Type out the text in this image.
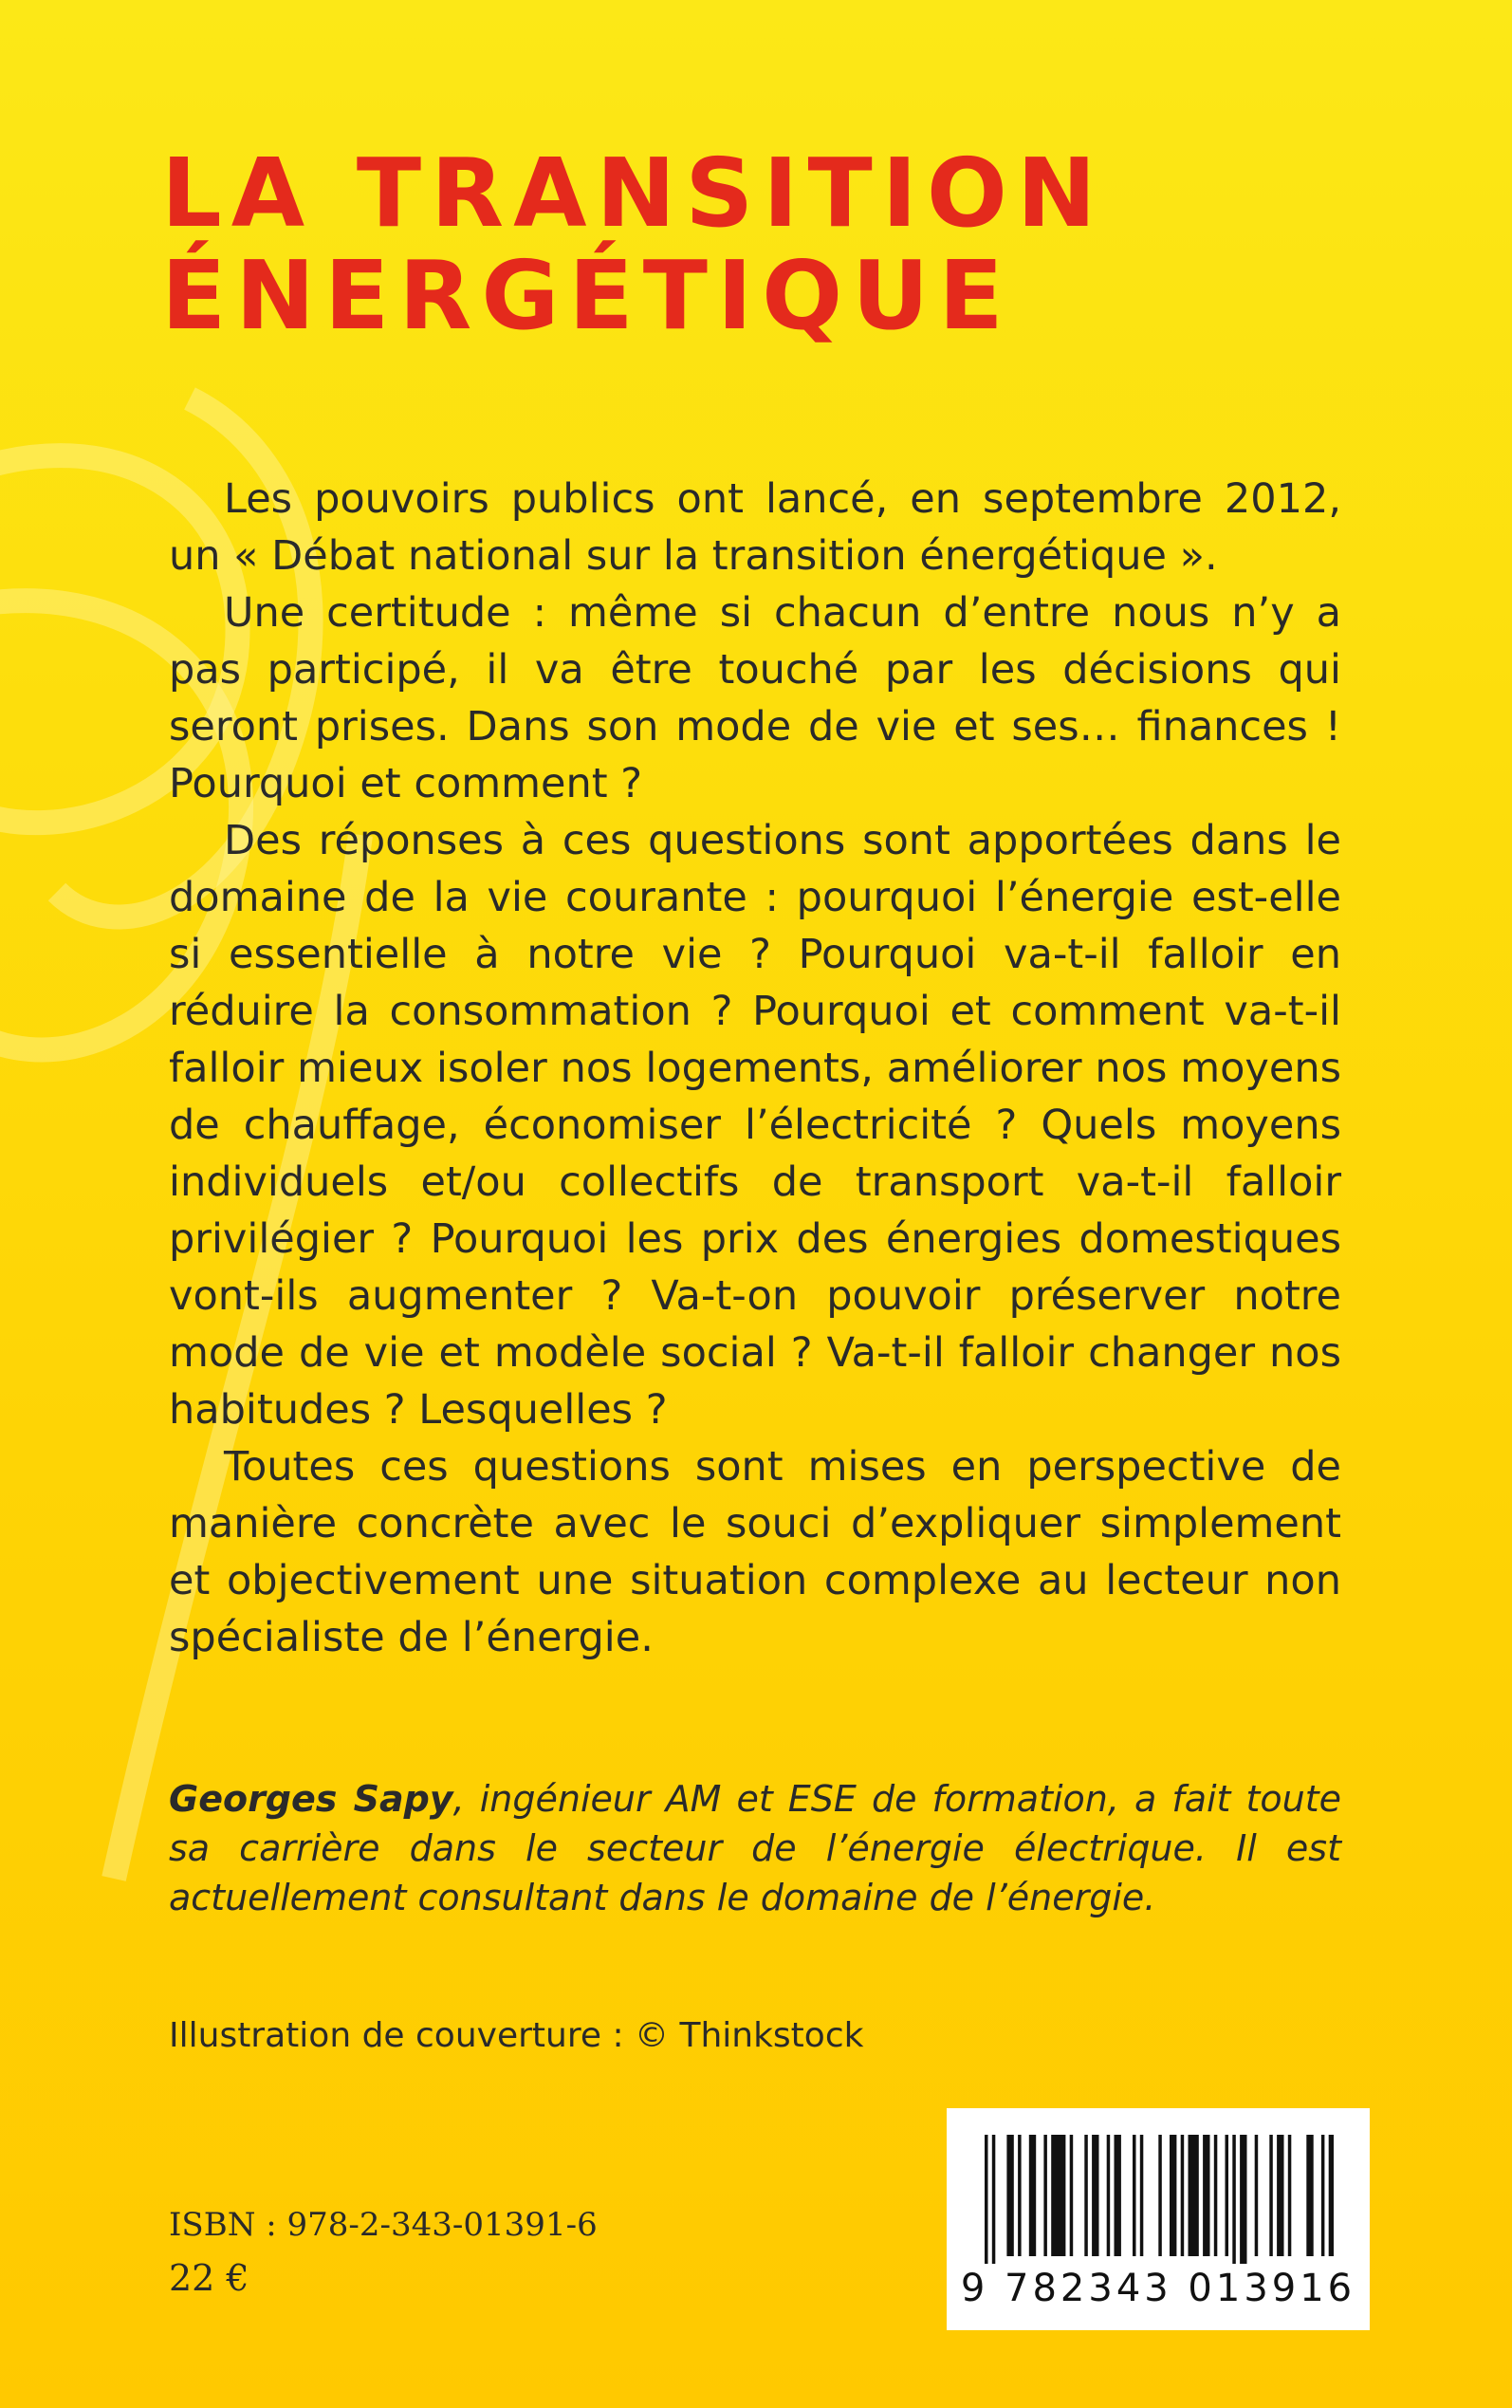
LA TRANSITION
ÉNERGÉTIQUE

Les pouvoirs publics ont lancé, en septembre 2012, un « Débat national sur la transition énergétique ».

Une certitude : même si chacun d’entre nous n’y a pas participé, il va être touché par les décisions qui seront prises. Dans son mode de vie et ses… finances ! Pourquoi et comment ?

Des réponses à ces questions sont apportées dans le domaine de la vie courante : pourquoi l’énergie est-elle si essentielle à notre vie ? Pourquoi va-t-il falloir en réduire la consommation ? Pourquoi et comment va-t-il falloir mieux isoler nos logements, améliorer nos moyens de chauffage, économiser l’électricité ? Quels moyens individuels et/ou collectifs de transport va-t-il falloir privilégier ? Pourquoi les prix des énergies domestiques vont-ils augmenter ? Va-t-on pouvoir préserver notre mode de vie et modèle social ? Va-t-il falloir changer nos habitudes ? Lesquelles ?

Toutes ces questions sont mises en perspective de manière concrète avec le souci d’expliquer simplement et objectivement une situation complexe au lecteur non spécialiste de l’énergie.

Georges Sapy, ingénieur AM et ESE de formation, a fait toute sa carrière dans le secteur de l’énergie électrique. Il est actuellement consultant dans le domaine de l’énergie.

Illustration de couverture : © Thinkstock
ISBN : 978-2-343-01391-6
22 €	9 782343 013916
